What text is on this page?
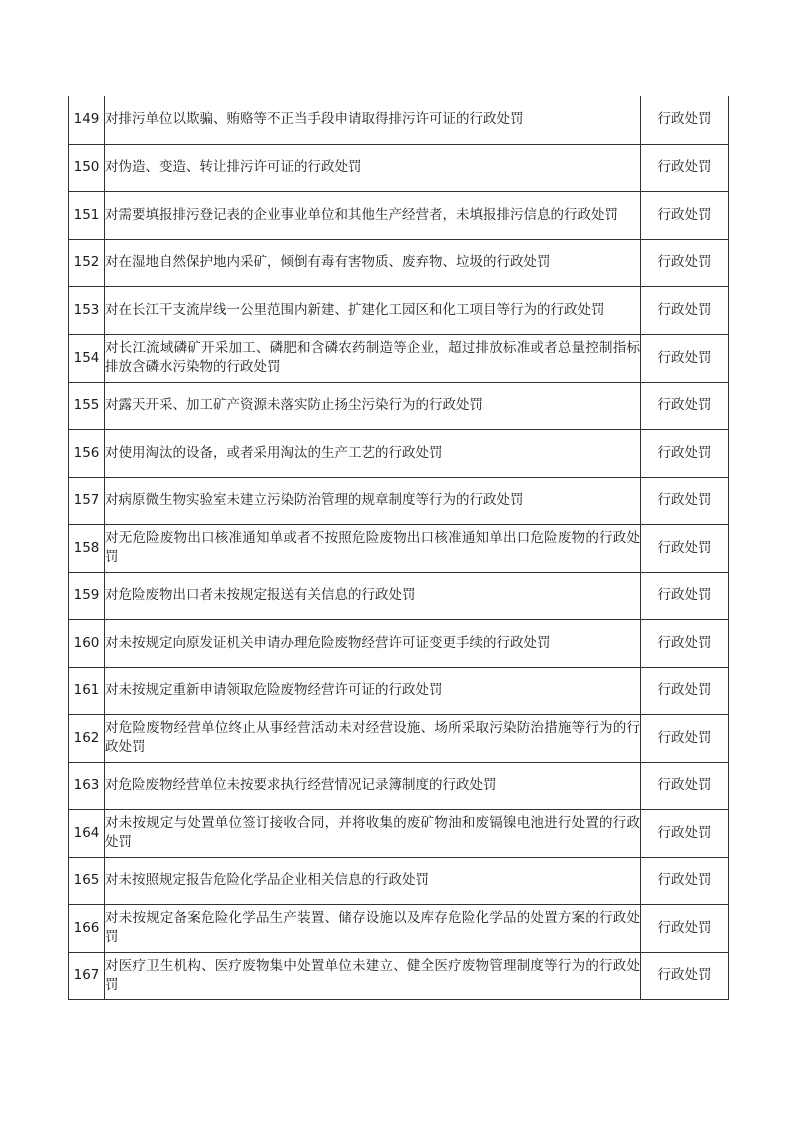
149	对排污单位以欺骗、贿赂等不正当手段申请取得排污许可证的行政处罚	行政处罚
150	对伪造、变造、转让排污许可证的行政处罚	行政处罚
151	对需要填报排污登记表的企业事业单位和其他生产经营者，未填报排污信息的行政处罚	行政处罚
152	对在湿地自然保护地内采矿，倾倒有毒有害物质、废弃物、垃圾的行政处罚	行政处罚
153	对在长江干支流岸线一公里范围内新建、扩建化工园区和化工项目等行为的行政处罚	行政处罚
154	对长江流域磷矿开采加工、磷肥和含磷农药制造等企业，超过排放标准或者总量控制指标排放含磷水污染物的行政处罚	行政处罚
155	对露天开采、加工矿产资源未落实防止扬尘污染行为的行政处罚	行政处罚
156	对使用淘汰的设备，或者采用淘汰的生产工艺的行政处罚	行政处罚
157	对病原微生物实验室未建立污染防治管理的规章制度等行为的行政处罚	行政处罚
158	对无危险废物出口核准通知单或者不按照危险废物出口核准通知单出口危险废物的行政处罚	行政处罚
159	对危险废物出口者未按规定报送有关信息的行政处罚	行政处罚
160	对未按规定向原发证机关申请办理危险废物经营许可证变更手续的行政处罚	行政处罚
161	对未按规定重新申请领取危险废物经营许可证的行政处罚	行政处罚
162	对危险废物经营单位终止从事经营活动未对经营设施、场所采取污染防治措施等行为的行政处罚	行政处罚
163	对危险废物经营单位未按要求执行经营情况记录簿制度的行政处罚	行政处罚
164	对未按规定与处置单位签订接收合同，并将收集的废矿物油和废镉镍电池进行处置的行政处罚	行政处罚
165	对未按照规定报告危险化学品企业相关信息的行政处罚	行政处罚
166	对未按规定备案危险化学品生产装置、储存设施以及库存危险化学品的处置方案的行政处罚	行政处罚
167	对医疗卫生机构、医疗废物集中处置单位未建立、健全医疗废物管理制度等行为的行政处罚	行政处罚
